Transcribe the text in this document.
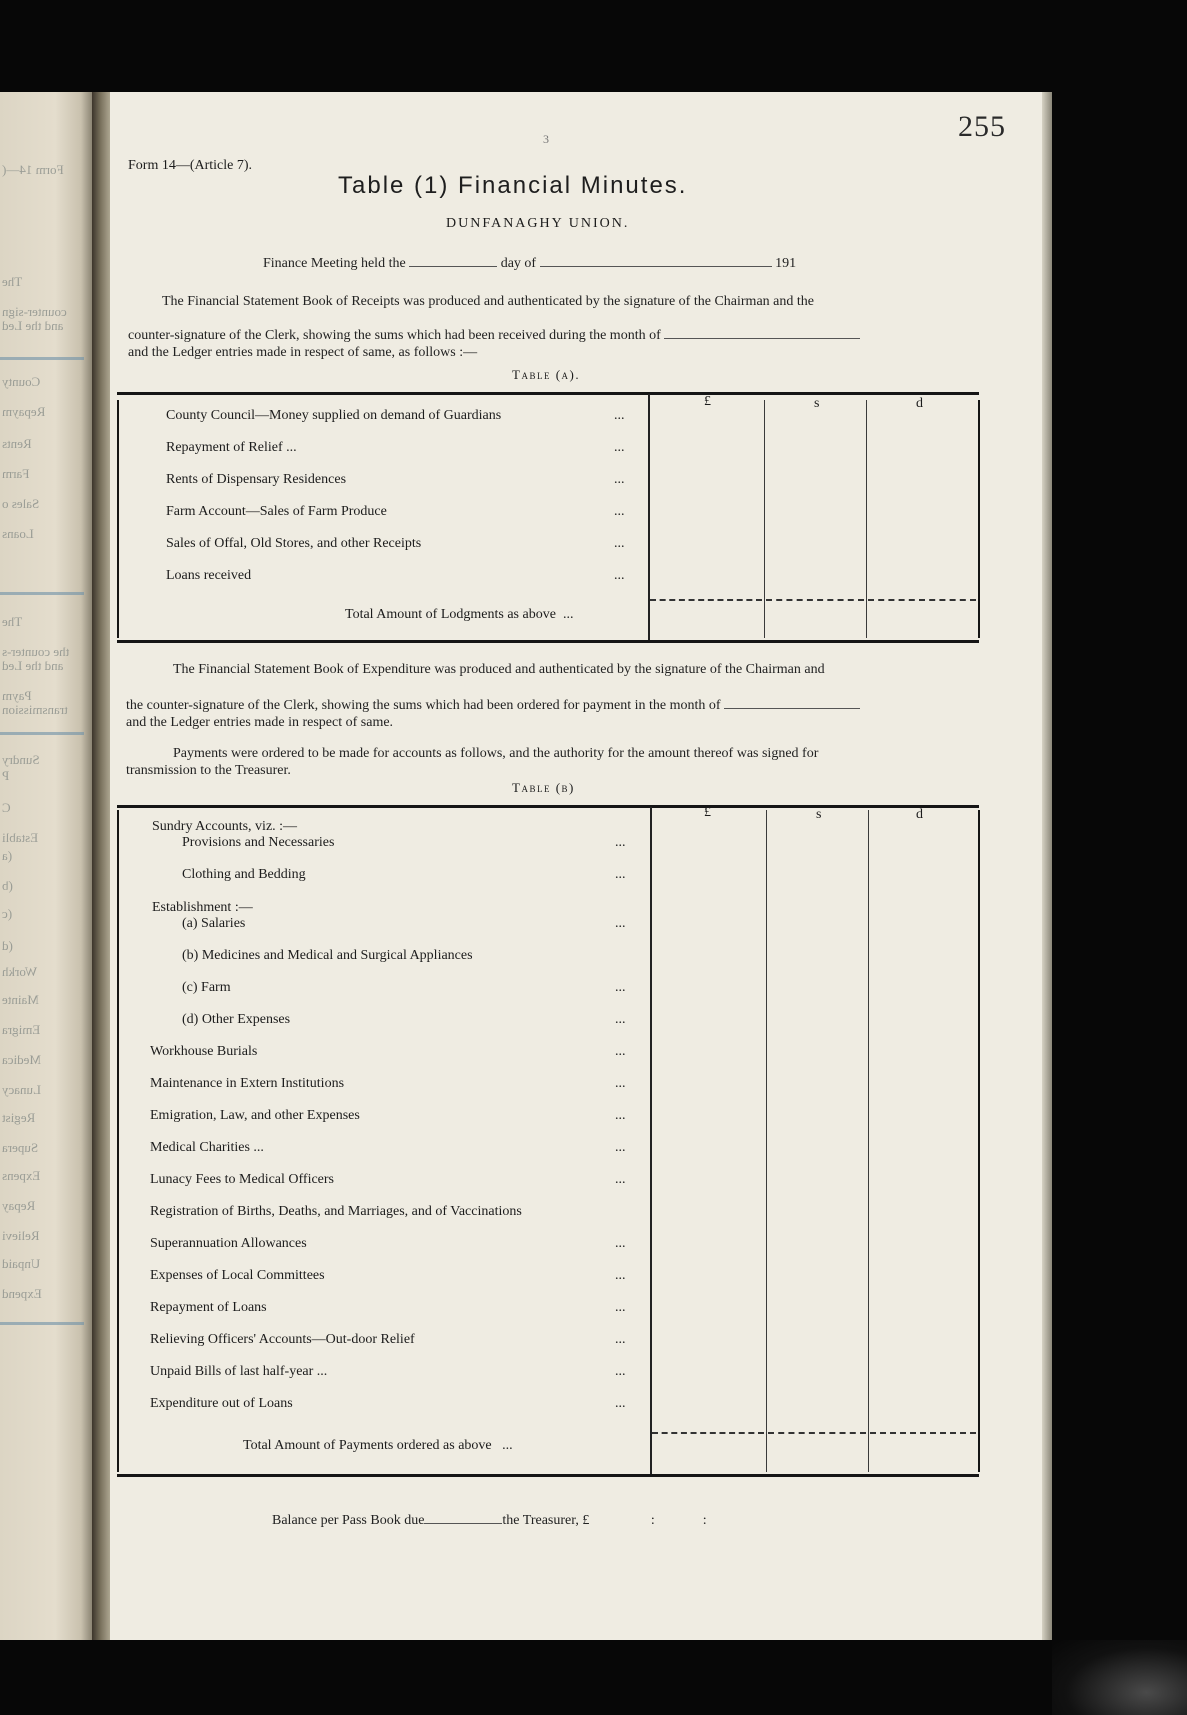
Form 14—(
The
counter-sign
and the Led
County
Repaym
Rents
Farm
Sales o
Loans
The
the counter-s
and the Led
Paym
transmission
Sundry
P
C
Establi
(a
(b
(c
(d
Workh
Mainte
Emigra
Medica
Lunacy
Regist
Supera
Expens
Repay
Relievi
Unpaid
Expend
255
3
Form 14—(Article 7).
Table (1) Financial Minutes.
DUNFANAGHY UNION.
Finance Meeting held the	day of	191
The Financial Statement Book of Receipts was produced and authenticated by the signature of the Chairman and the
counter-signature of the Clerk, showing the sums which had been received during the month of
and the Ledger entries made in respect of same, as follows :—
Table (a).
£	s	d
County Council—Money supplied on demand of Guardians	...
Repayment of Relief ...	...
Rents of Dispensary Residences	...
Farm Account—Sales of Farm Produce	...
Sales of Offal, Old Stores, and other Receipts	...
Loans received	...
Total Amount of Lodgments as above  ...
The Financial Statement Book of Expenditure was produced and authenticated by the signature of the Chairman and
the counter-signature of the Clerk, showing the sums which had been ordered for payment in the month of
and the Ledger entries made in respect of same.
Payments were ordered to be made for accounts as follows, and the authority for the amount thereof was signed for
transmission to the Treasurer.
Table (b)
£	s	d
Sundry Accounts, viz. :—
Provisions and Necessaries	...
Clothing and Bedding	...
Establishment :—
(a) Salaries	...
(b) Medicines and Medical and Surgical Appliances
(c) Farm	...
(d) Other Expenses	...
Workhouse Burials	...
Maintenance in Extern Institutions	...
Emigration, Law, and other Expenses	...
Medical Charities ...	...
Lunacy Fees to Medical Officers	...
Registration of Births, Deaths, and Marriages, and of Vaccinations
Superannuation Allowances	...
Expenses of Local Committees	...
Repayment of Loans	...
Relieving Officers' Accounts—Out-door Relief	...
Unpaid Bills of last half-year ...	...
Expenditure out of Loans	...
Total Amount of Payments ordered as above   ...
Balance per Pass Book due	the Treasurer, £	:	:
